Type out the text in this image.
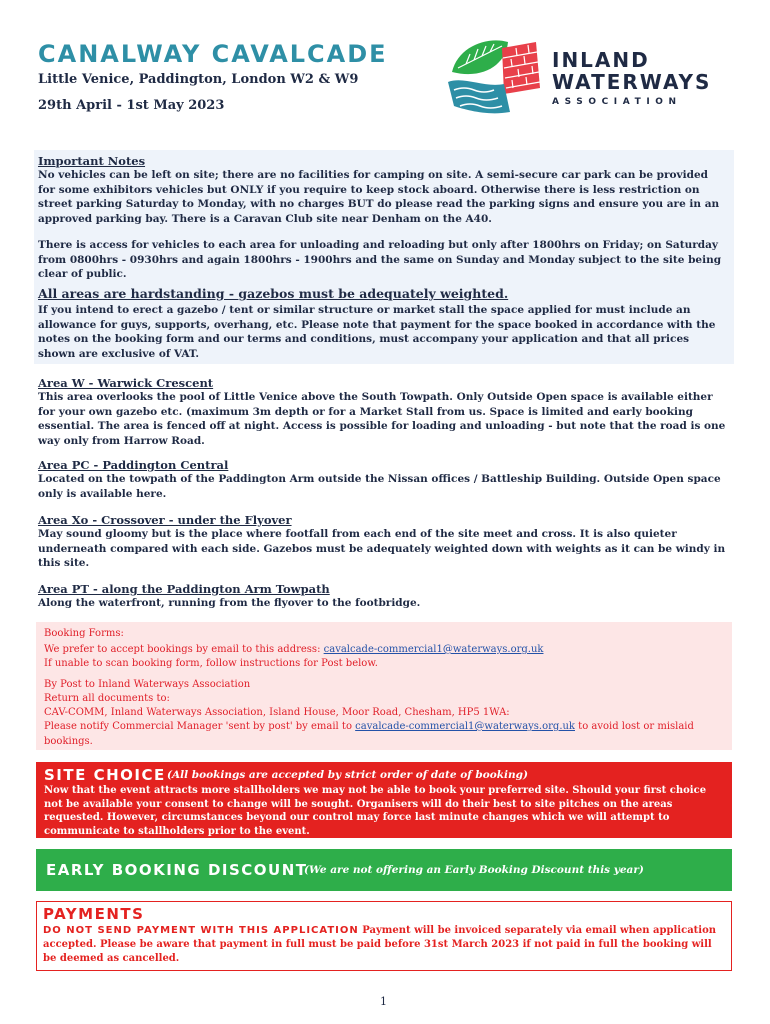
CANALWAY CAVALCADE
Little Venice, Paddington, London W2 & W9
29th April - 1st May 2023
INLAND
WATERWAYS
ASSOCIATION
Important Notes
No vehicles can be left on site; there are no facilities for camping on site. A semi-secure car park can be provided for some exhibitors vehicles but ONLY if you require to keep stock aboard. Otherwise there is less restriction on street parking Saturday to Monday, with no charges BUT do please read the parking signs and ensure you are in an approved parking bay. There is a Caravan Club site near Denham on the A40.
There is access for vehicles to each area for unloading and reloading but only after 1800hrs on Friday; on Saturday from 0800hrs - 0930hrs and again 1800hrs - 1900hrs and the same on Sunday and Monday subject to the site being clear of public.
All areas are hardstanding - gazebos must be adequately weighted.
If you intend to erect a gazebo / tent or similar structure or market stall the space applied for must include an allowance for guys, supports, overhang, etc. Please note that payment for the space booked in accordance with the notes on the booking form and our terms and conditions, must accompany your application and that all prices shown are exclusive of VAT.
Area W - Warwick Crescent
This area overlooks the pool of Little Venice above the South Towpath. Only Outside Open space is available either for your own gazebo etc. (maximum 3m depth or for a Market Stall from us. Space is limited and early booking essential. The area is fenced off at night. Access is possible for loading and unloading - but note that the road is one way only from Harrow Road.
Area PC - Paddington Central
Located on the towpath of the Paddington Arm outside the Nissan offices / Battleship Building. Outside Open space only is available here.
Area Xo - Crossover - under the Flyover
May sound gloomy but is the place where footfall from each end of the site meet and cross. It is also quieter underneath compared with each side. Gazebos must be adequately weighted down with weights as it can be windy in this site.
Area PT - along the Paddington Arm Towpath
Along the waterfront, running from the flyover to the footbridge.
Booking Forms:
We prefer to accept bookings by email to this address: cavalcade-commercial1@waterways.org.uk
If unable to scan booking form, follow instructions for Post below.
By Post to Inland Waterways Association
Return all documents to:
CAV-COMM, Inland Waterways Association, Island House, Moor Road, Chesham, HP5 1WA:
Please notify Commercial Manager 'sent by post' by email to cavalcade-commercial1@waterways.org.uk to avoid lost or mislaid bookings.
SITE CHOICE (All bookings are accepted by strict order of date of booking)
Now that the event attracts more stallholders we may not be able to book your preferred site. Should your first choice not be available your consent to change will be sought. Organisers will do their best to site pitches on the areas requested. However, circumstances beyond our control may force last minute changes which we will attempt to communicate to stallholders prior to the event.
EARLY BOOKING DISCOUNT
(We are not offering an Early Booking Discount this year)
PAYMENTS
DO NOT SEND PAYMENT WITH THIS APPLICATION Payment will be invoiced separately via email when application accepted. Please be aware that payment in full must be paid before 31st March 2023 if not paid in full the booking will be deemed as cancelled.
1
